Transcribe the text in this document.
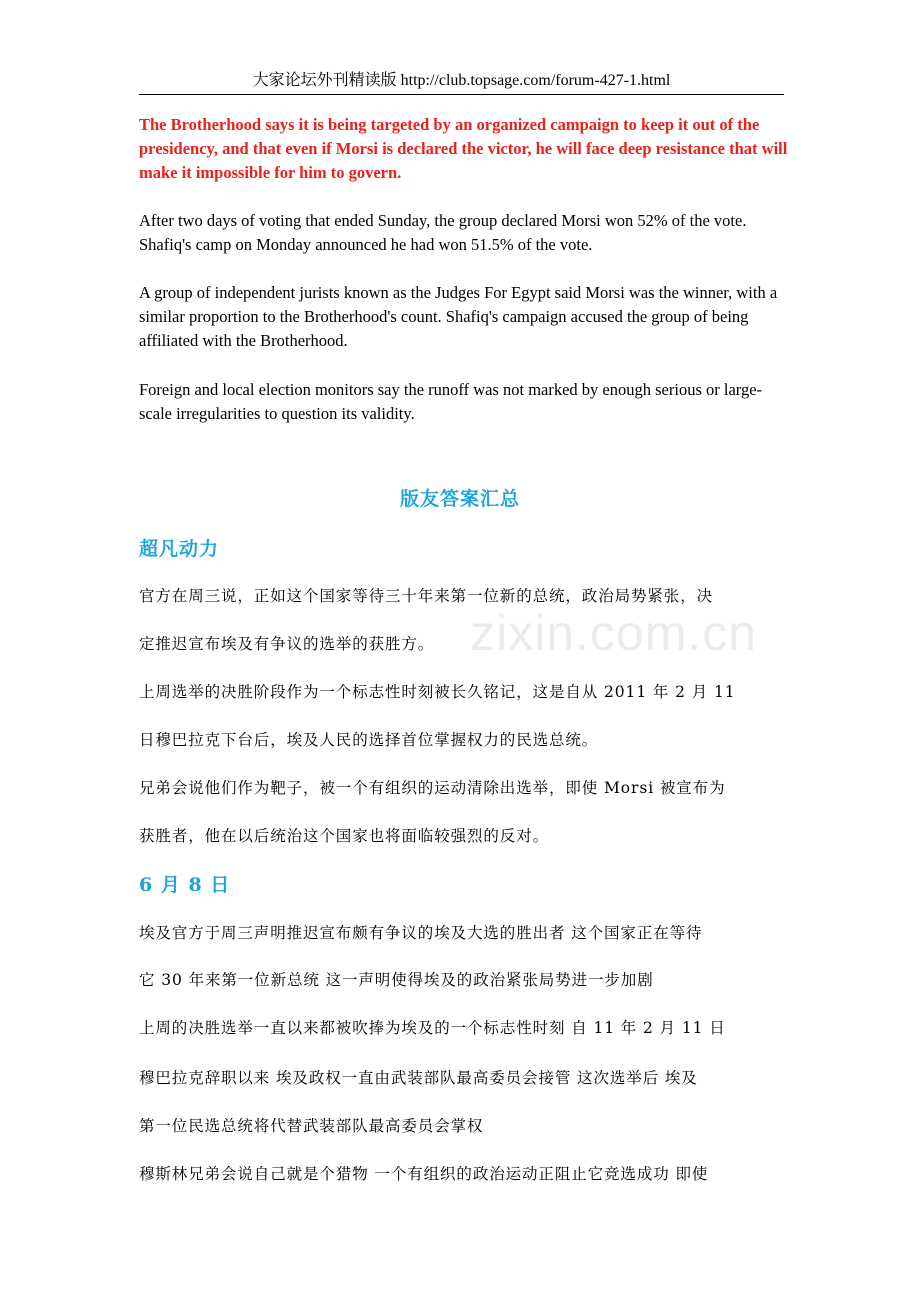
大家论坛外刊精读版 http://club.topsage.com/forum-427-1.html
The Brotherhood says it is being targeted by an organized campaign to keep it out of the presidency, and that even if Morsi is declared the victor, he will face deep resistance that will make it impossible for him to govern.
After two days of voting that ended Sunday, the group declared Morsi won 52% of the vote. Shafiq's camp on Monday announced he had won 51.5% of the vote.
A group of independent jurists known as the Judges For Egypt said Morsi was the winner, with a similar proportion to the Brotherhood's count. Shafiq's campaign accused the group of being affiliated with the Brotherhood.
Foreign and local election monitors say the runoff was not marked by enough serious or large-scale irregularities to question its validity.
版友答案汇总
超凡动力
官方在周三说，正如这个国家等待三十年来第一位新的总统，政治局势紧张，决
定推迟宣布埃及有争议的选举的获胜方。
上周选举的决胜阶段作为一个标志性时刻被长久铭记，这是自从 2011 年 2 月 11
日穆巴拉克下台后，埃及人民的选择首位掌握权力的民选总统。
兄弟会说他们作为靶子，被一个有组织的运动清除出选举，即使 Morsi 被宣布为
获胜者，他在以后统治这个国家也将面临较强烈的反对。
6 月 8 日
埃及官方于周三声明推迟宣布颇有争议的埃及大选的胜出者 这个国家正在等待
它 30 年来第一位新总统 这一声明使得埃及的政治紧张局势进一步加剧
上周的决胜选举一直以来都被吹捧为埃及的一个标志性时刻 自 11 年 2 月 11 日
穆巴拉克辞职以来 埃及政权一直由武装部队最高委员会接管 这次选举后 埃及
第一位民选总统将代替武装部队最高委员会掌权
穆斯林兄弟会说自己就是个猎物 一个有组织的政治运动正阻止它竞选成功 即使
zixin.com.cn
